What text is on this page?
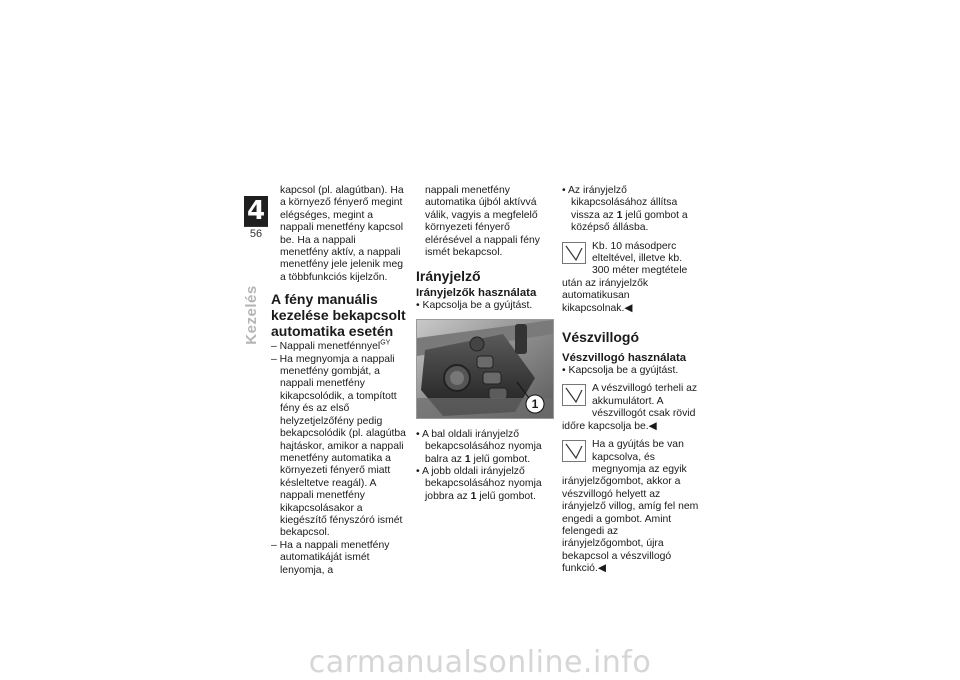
4
56
Kezelés
kapcsol (pl. alagútban). Ha a környező fényerő megint elégséges, megint a nappali menetfény kapcsol be. Ha a nappali menetfény aktív, a nappali menetfény jele jelenik meg a többfunkciós kijelzőn.
A fény manuális kezelése bekapcsolt automatika esetén
– Nappali menetfénnyel$^{GY}$
– Ha megnyomja a nappali menetfény gombját, a nappali menetfény kikapcsolódik, a tompított fény és az első helyzetjelzőfény pedig bekapcsolódik (pl. alagútba hajtáskor, amikor a nappali menetfény automatika a környezeti fényerő miatt késleltetve reagál). A nappali menetfény kikapcsolásakor a kiegészítő fényszóró ismét bekapcsol.
– Ha a nappali menetfény automatikáját ismét lenyomja, a
nappali menetfény automatika újból aktívvá válik, vagyis a megfelelő környezeti fényerő elérésével a nappali fény ismét bekapcsol.
Irányjelző
Irányjelzők használata
• Kapcsolja be a gyújtást.
1
• A bal oldali irányjelző bekapcsolásához nyomja balra az 1 jelű gombot.
• A jobb oldali irányjelző bekapcsolásához nyomja jobbra az 1 jelű gombot.
• Az irányjelző kikapcsolásához állítsa vissza az 1 jelű gombot a középső állásba.
Kb. 10 másodperc elteltével, illetve kb. 300 méter megtétele után az irányjelzők automatikusan kikapcsolnak.◀
Vészvillogó
Vészvillogó használata
• Kapcsolja be a gyújtást.
A vészvillogó terheli az akkumulátort. A vészvillogót csak rövid időre kapcsolja be.◀
Ha a gyújtás be van kapcsolva, és megnyomja az egyik irányjelzőgombot, akkor a vészvillogó helyett az irányjelző villog, amíg fel nem engedi a gombot. Amint felengedi az irányjelzőgombot, újra bekapcsol a vészvillogó funkció.◀
carmanualsonline.info
